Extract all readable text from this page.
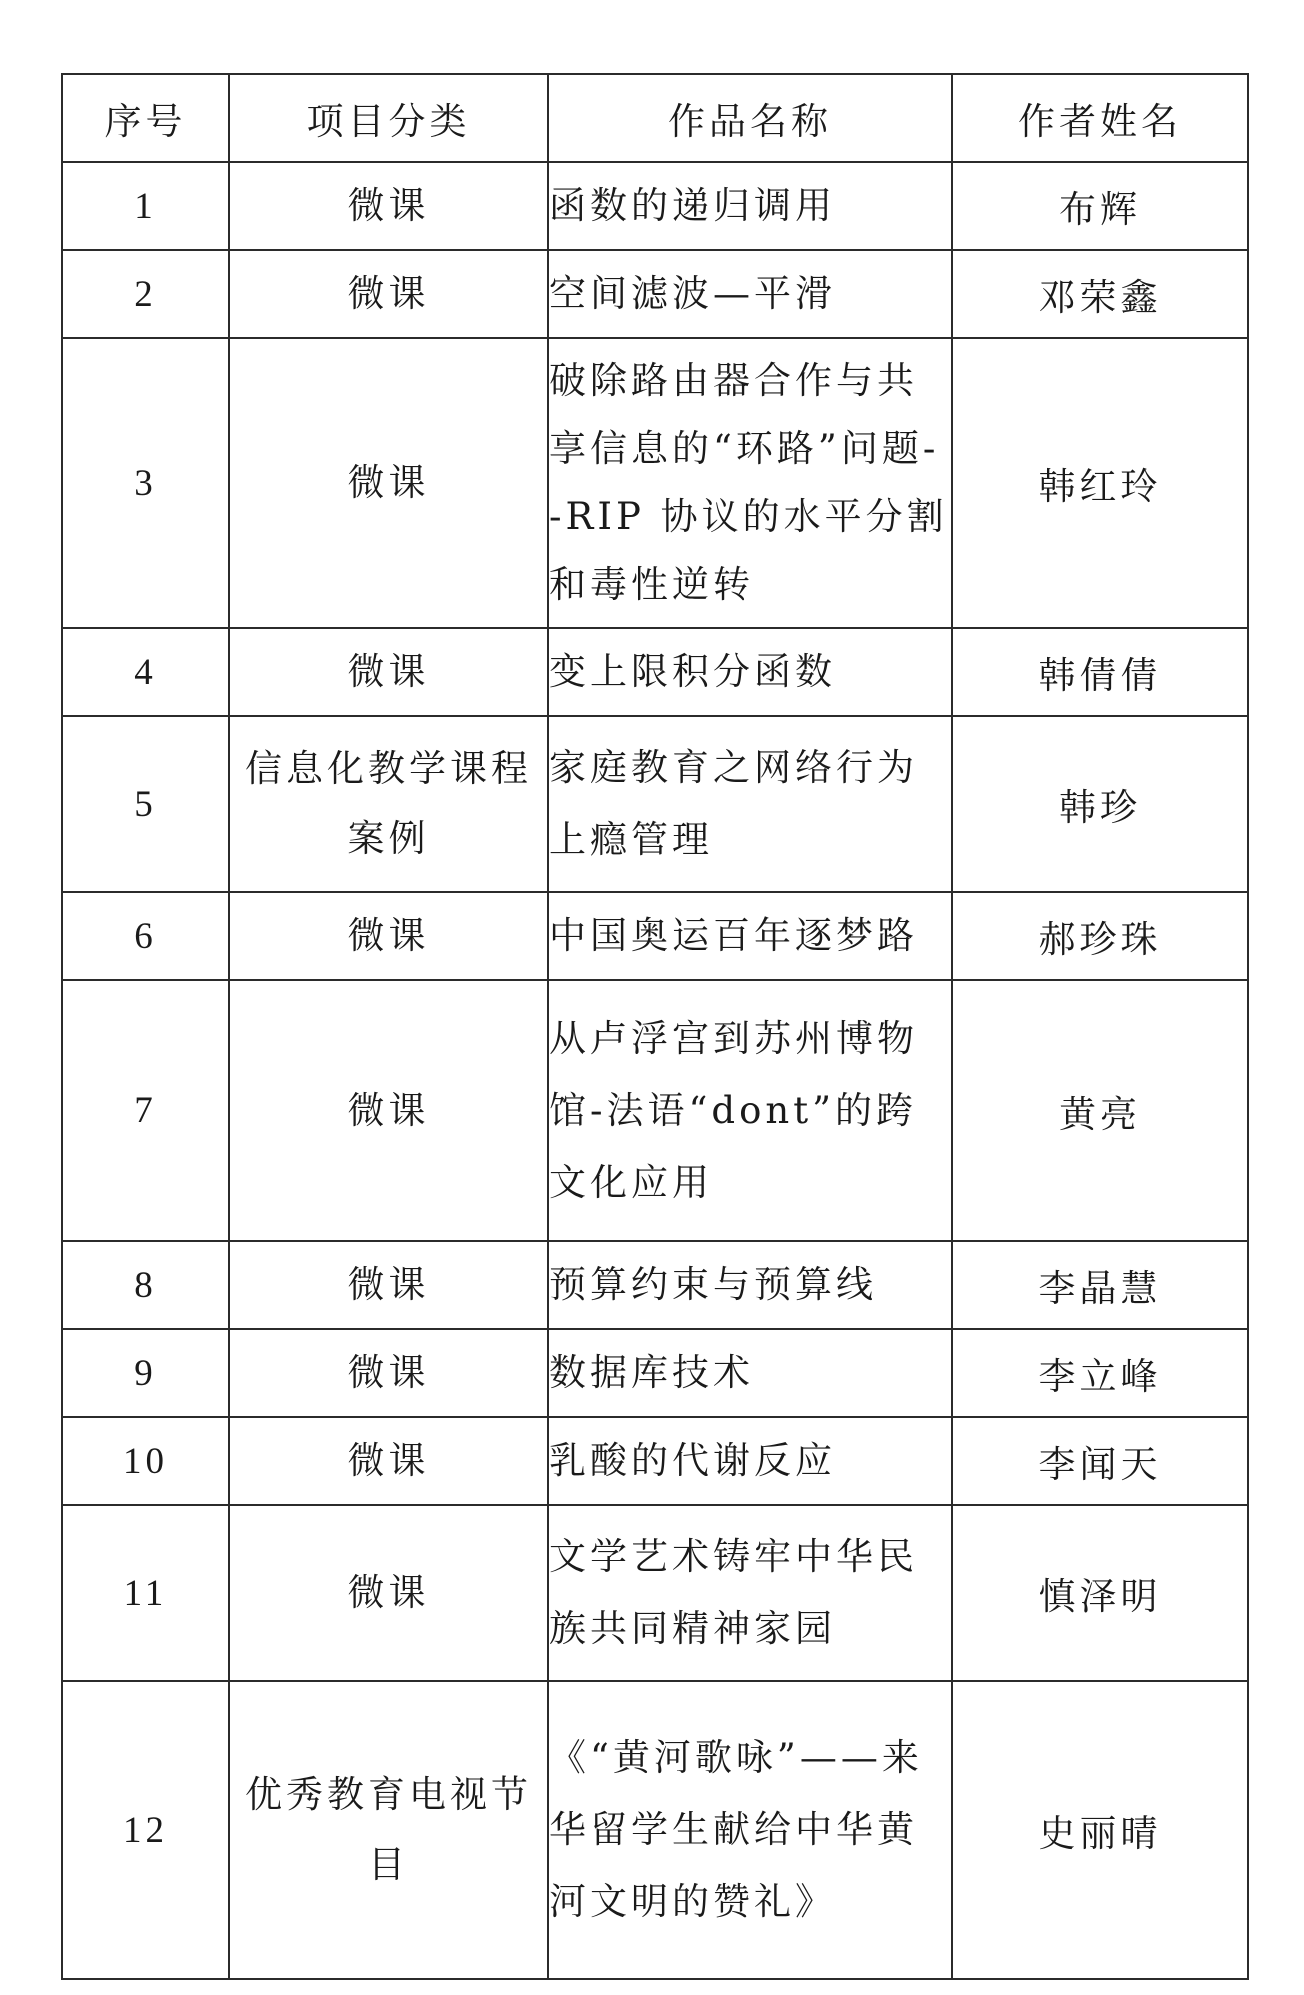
序号	项目分类	作品名称	作者姓名
1	微课	函数的递归调用	布辉
2	微课	空间滤波—平滑	邓荣鑫
3	微课	破除路由器合作与共享信息的“环路”问题--RIP 协议的水平分割和毒性逆转	韩红玲
4	微课	变上限积分函数	韩倩倩
5	信息化教学课程案例	家庭教育之网络行为上瘾管理	韩珍
6	微课	中国奥运百年逐梦路	郝珍珠
7	微课	从卢浮宫到苏州博物馆-法语“dont”的跨文化应用	黄亮
8	微课	预算约束与预算线	李晶慧
9	微课	数据库技术	李立峰
10	微课	乳酸的代谢反应	李闻天
11	微课	文学艺术铸牢中华民族共同精神家园	慎泽明
12	优秀教育电视节目	《“黄河歌咏”——来华留学生献给中华黄河文明的赞礼》	史丽晴
